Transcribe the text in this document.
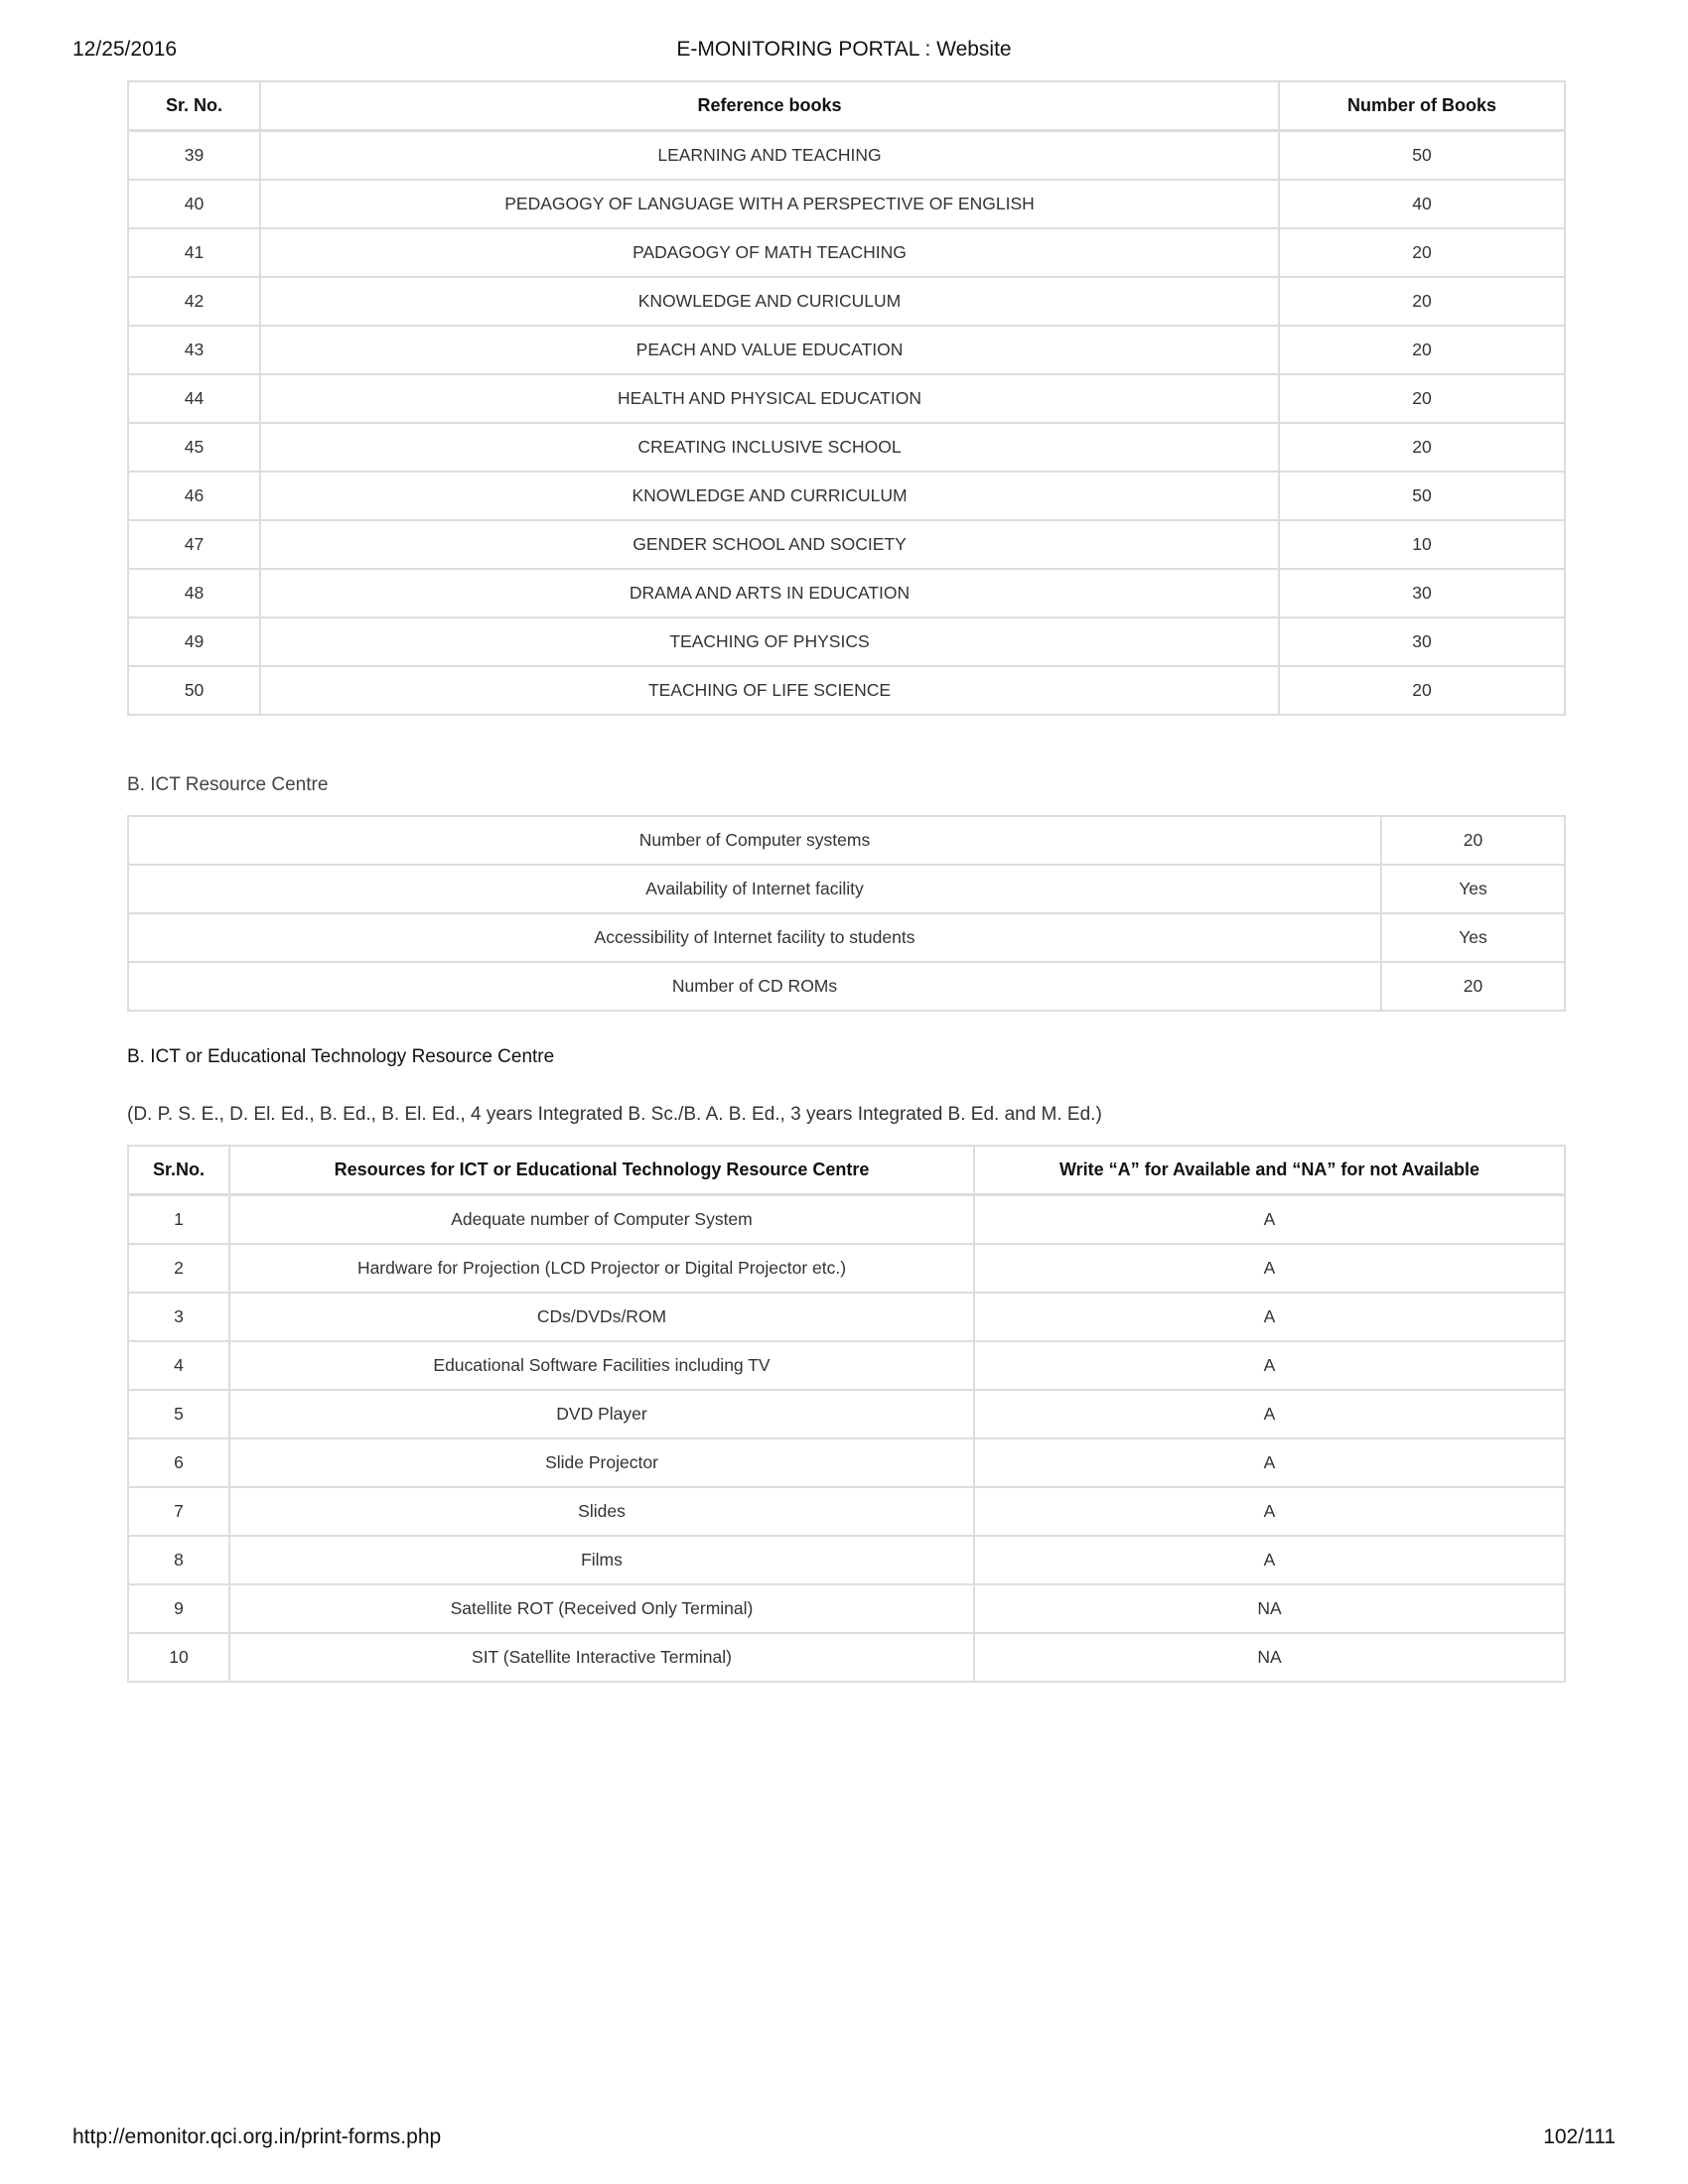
12/25/2016	E-MONITORING PORTAL : Website
Sr. No.	Reference books	Number of Books
39	LEARNING AND TEACHING	50
40	PEDAGOGY OF LANGUAGE WITH A PERSPECTIVE OF ENGLISH	40
41	PADAGOGY OF MATH TEACHING	20
42	KNOWLEDGE AND CURICULUM	20
43	PEACH AND VALUE EDUCATION	20
44	HEALTH AND PHYSICAL EDUCATION	20
45	CREATING INCLUSIVE SCHOOL	20
46	KNOWLEDGE AND CURRICULUM	50
47	GENDER SCHOOL AND SOCIETY	10
48	DRAMA AND ARTS IN EDUCATION	30
49	TEACHING OF PHYSICS	30
50	TEACHING OF LIFE SCIENCE	20
B. ICT Resource Centre
Number of Computer systems	20
Availability of Internet facility	Yes
Accessibility of Internet facility to students	Yes
Number of CD ROMs	20
B. ICT or Educational Technology Resource Centre
(D. P. S. E., D. El. Ed., B. Ed., B. El. Ed., 4 years Integrated B. Sc./B. A. B. Ed., 3 years Integrated B. Ed. and M. Ed.)
Sr.No.	Resources for ICT or Educational Technology Resource Centre	Write “A” for Available and “NA” for not Available
1	Adequate number of Computer System	A
2	Hardware for Projection (LCD Projector or Digital Projector etc.)	A
3	CDs/DVDs/ROM	A
4	Educational Software Facilities including TV	A
5	DVD Player	A
6	Slide Projector	A
7	Slides	A
8	Films	A
9	Satellite ROT (Received Only Terminal)	NA
10	SIT (Satellite Interactive Terminal)	NA
http://emonitor.qci.org.in/print-forms.php	102/111
